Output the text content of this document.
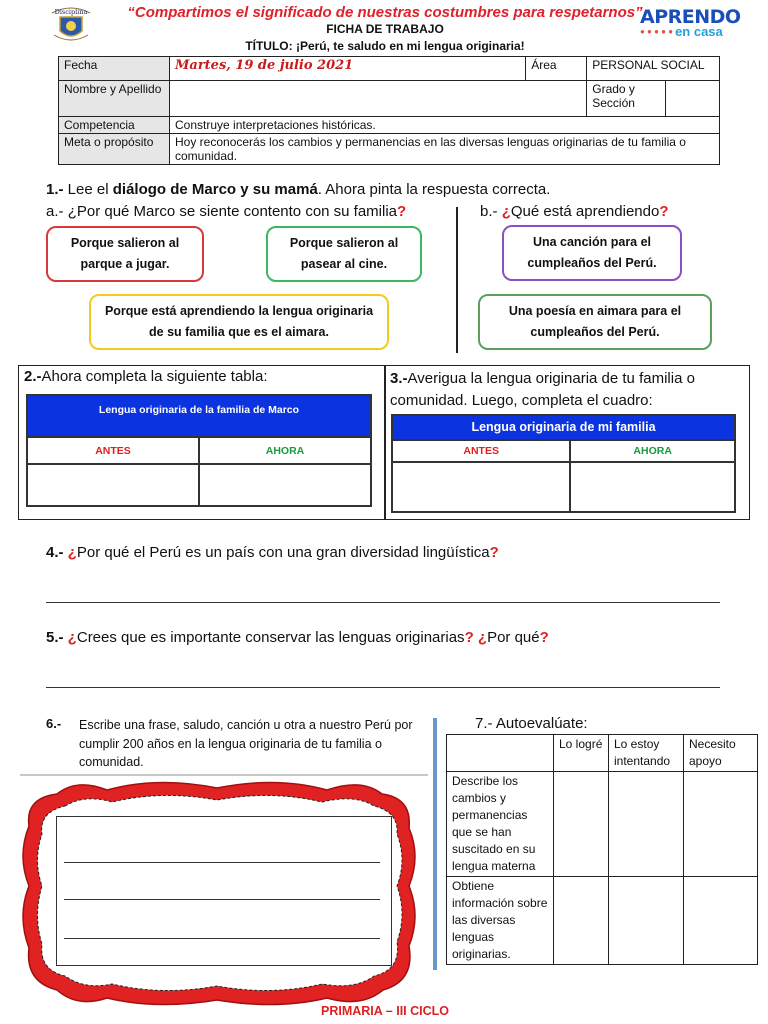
Disciplina	APRENDO
● ● ● ● ● en casa
“Compartimos el significado de nuestras costumbres para respetarnos”
FICHA DE TRABAJO
TÍTULO: ¡Perú, te saludo en mi lengua originaria!
Fecha	Martes, 19 de julio 2021	Área	PERSONAL SOCIAL	
Nombre y Apellido			Grado y Sección	
Competencia	Construye interpretaciones históricas.			
Meta o propósito	Hoy reconocerás los cambios y permanencias en las diversas lenguas originarias de tu familia o comunidad.			
1.- Lee el diálogo de Marco y su mamá. Ahora pinta la respuesta correcta.
a.- ¿Por qué Marco se siente contento con su familia?	b.- ¿Qué está aprendiendo?
Porque salieron al parque a jugar.
Porque salieron al pasear al cine.
Porque está aprendiendo la lengua originaria de su familia que es el aimara.
Una canción para el cumpleaños del Perú.
Una poesía en aimara para el cumpleaños del Perú.
2.-Ahora completa la siguiente tabla:
Lengua originaria de la familia de Marco
ANTES	AHORA

3.-Averigua la lengua originaria de tu familia o comunidad. Luego, completa el cuadro:
Lengua originaria de mi familia
ANTES	AHORA

4.- ¿Por qué el Perú es un país con una gran diversidad lingüística?
5.- ¿Crees que es importante conservar las lenguas originarias? ¿Por qué?
6.-	Escribe una frase, saludo, canción u otra a nuestro Perú por cumplir 200 años en la lengua originaria de tu familia o comunidad.
7.- Autoevalúate:
	Lo logré	Lo estoy intentando	Necesito apoyo
Describe los cambios y permanencias que se han suscitado en su lengua materna			
Obtiene información sobre las diversas lenguas originarias.			
PRIMARIA – III CICLO
